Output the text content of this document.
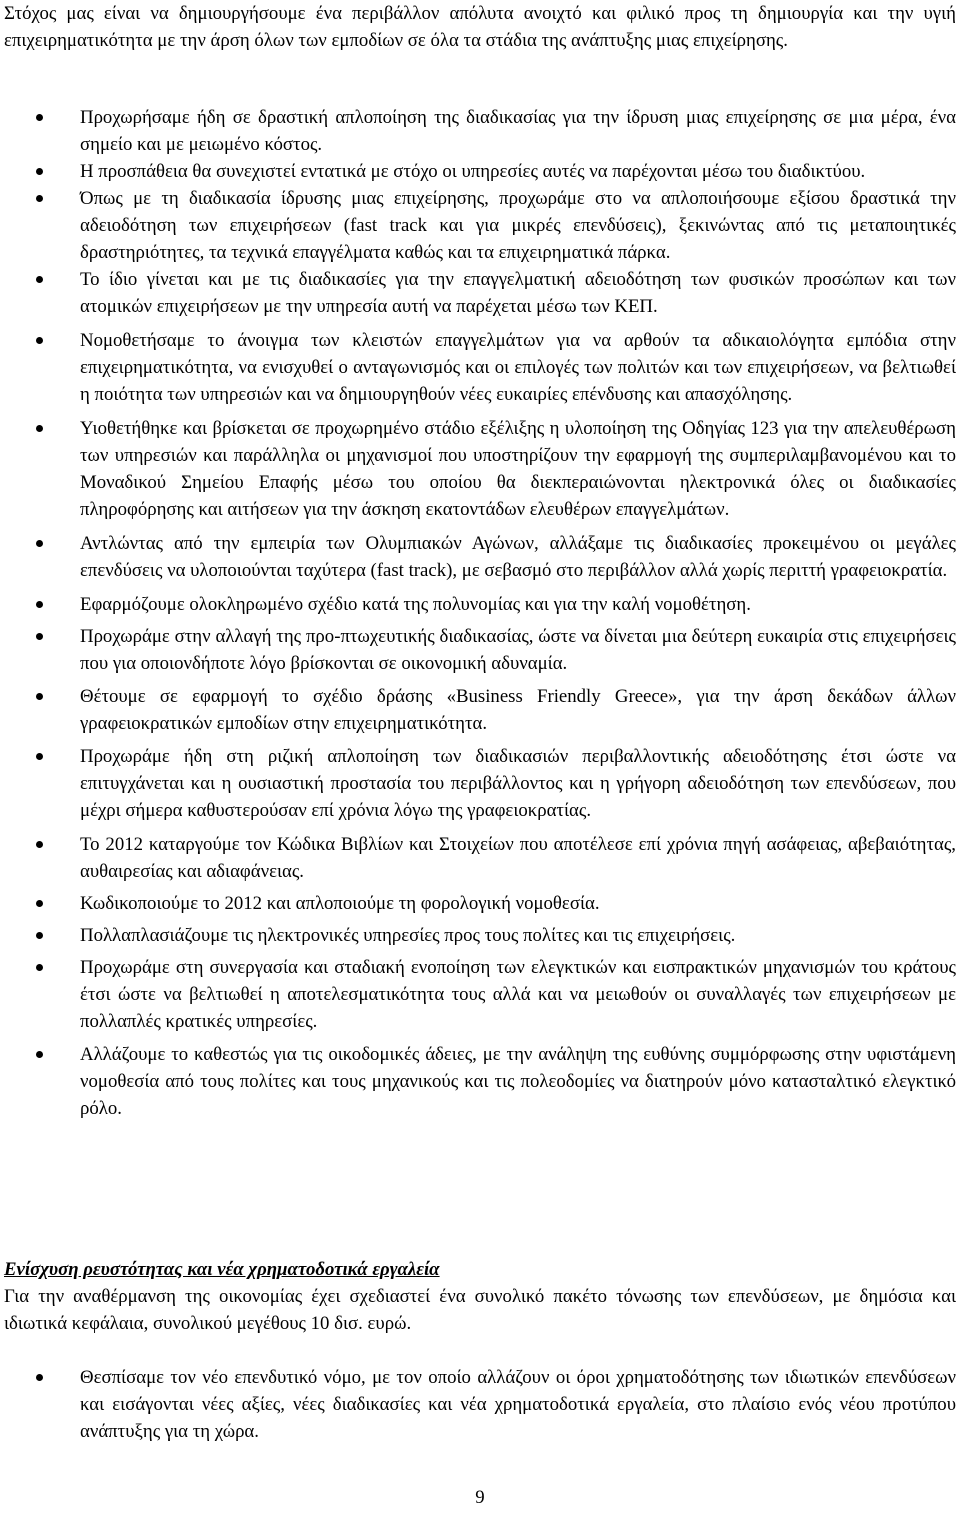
Στόχος μας είναι να δημιουργήσουμε ένα περιβάλλον απόλυτα ανοιχτό και φιλικό προς τη δημιουργία και την υγιή επιχειρηματικότητα με την άρση όλων των εμποδίων σε όλα τα στάδια της ανάπτυξης μιας επιχείρησης.

Προχωρήσαμε ήδη σε δραστική απλοποίηση της διαδικασίας για την ίδρυση μιας επιχείρησης σε μια μέρα, ένα σημείο και με μειωμένο κόστος.
Η προσπάθεια θα συνεχιστεί εντατικά με στόχο οι υπηρεσίες αυτές να παρέχονται μέσω του διαδικτύου.
Όπως με τη διαδικασία ίδρυσης μιας επιχείρησης, προχωράμε στο να απλοποιήσουμε εξίσου δραστικά την αδειοδότηση των επιχειρήσεων (fast track και για μικρές επενδύσεις), ξεκινώντας από τις μεταποιητικές δραστηριότητες, τα τεχνικά επαγγέλματα καθώς και τα επιχειρηματικά πάρκα.
Το ίδιο γίνεται και με τις διαδικασίες για την επαγγελματική αδειοδότηση των φυσικών προσώπων και των ατομικών επιχειρήσεων με την υπηρεσία αυτή να παρέχεται μέσω των ΚΕΠ.
Νομοθετήσαμε το άνοιγμα των κλειστών επαγγελμάτων για να αρθούν τα αδικαιολόγητα εμπόδια στην επιχειρηματικότητα, να ενισχυθεί ο ανταγωνισμός και οι επιλογές των πολιτών και των επιχειρήσεων, να βελτιωθεί η ποιότητα των υπηρεσιών και να δημιουργηθούν νέες ευκαιρίες επένδυσης και απασχόλησης.
Υιοθετήθηκε και βρίσκεται σε προχωρημένο στάδιο εξέλιξης η υλοποίηση της Οδηγίας 123 για την απελευθέρωση των υπηρεσιών και παράλληλα οι μηχανισμοί που υποστηρίζουν την εφαρμογή της συμπεριλαμβανομένου και το Μοναδικού Σημείου Επαφής μέσω του οποίου θα διεκπεραιώνονται ηλεκτρονικά όλες οι διαδικασίες πληροφόρησης και αιτήσεων για την άσκηση εκατοντάδων ελευθέρων επαγγελμάτων.
Αντλώντας από την εμπειρία των Ολυμπιακών Αγώνων, αλλάξαμε τις διαδικασίες προκειμένου οι μεγάλες επενδύσεις να υλοποιούνται ταχύτερα (fast track), με σεβασμό στο περιβάλλον αλλά χωρίς περιττή γραφειοκρατία.
Εφαρμόζουμε ολοκληρωμένο σχέδιο κατά της πολυνομίας και για την καλή νομοθέτηση.
Προχωράμε στην αλλαγή της προ-πτωχευτικής διαδικασίας, ώστε να δίνεται μια δεύτερη ευκαιρία στις επιχειρήσεις που για οποιονδήποτε λόγο βρίσκονται σε οικονομική αδυναμία.
Θέτουμε σε εφαρμογή το σχέδιο δράσης «Business Friendly Greece», για την άρση δεκάδων άλλων γραφειοκρατικών εμποδίων στην επιχειρηματικότητα.
Προχωράμε ήδη στη ριζική απλοποίηση των διαδικασιών περιβαλλοντικής αδειοδότησης έτσι ώστε να επιτυγχάνεται και η ουσιαστική προστασία του περιβάλλοντος και η γρήγορη αδειοδότηση των επενδύσεων, που μέχρι σήμερα καθυστερούσαν επί χρόνια λόγω της γραφειοκρατίας.
Το 2012 καταργούμε τον Κώδικα Βιβλίων και Στοιχείων που αποτέλεσε επί χρόνια πηγή ασάφειας, αβεβαιότητας, αυθαιρεσίας και αδιαφάνειας.
Κωδικοποιούμε το 2012 και απλοποιούμε τη φορολογική νομοθεσία.
Πολλαπλασιάζουμε τις ηλεκτρονικές υπηρεσίες προς τους πολίτες και τις επιχειρήσεις.
Προχωράμε στη συνεργασία και σταδιακή ενοποίηση των ελεγκτικών και εισπρακτικών μηχανισμών του κράτους έτσι ώστε να βελτιωθεί η αποτελεσματικότητα τους αλλά και να μειωθούν οι συναλλαγές των επιχειρήσεων με πολλαπλές κρατικές υπηρεσίες.
Αλλάζουμε το καθεστώς για τις οικοδομικές άδειες, με την ανάληψη της ευθύνης συμμόρφωσης στην υφιστάμενη νομοθεσία από τους πολίτες και τους μηχανικούς και τις πολεοδομίες να διατηρούν μόνο κατασταλτικό ελεγκτικό ρόλο.

Ενίσχυση ρευστότητας και νέα χρηματοδοτικά εργαλεία

Για την αναθέρμανση της οικονομίας έχει σχεδιαστεί ένα συνολικό πακέτο τόνωσης των επενδύσεων, με δημόσια και ιδιωτικά κεφάλαια, συνολικού μεγέθους 10 δισ. ευρώ.

Θεσπίσαμε τον νέο επενδυτικό νόμο, με τον οποίο αλλάζουν οι όροι χρηματοδότησης των ιδιωτικών επενδύσεων και εισάγονται νέες αξίες, νέες διαδικασίες και νέα χρηματοδοτικά εργαλεία, στο πλαίσιο ενός νέου προτύπου ανάπτυξης για τη χώρα.
9
